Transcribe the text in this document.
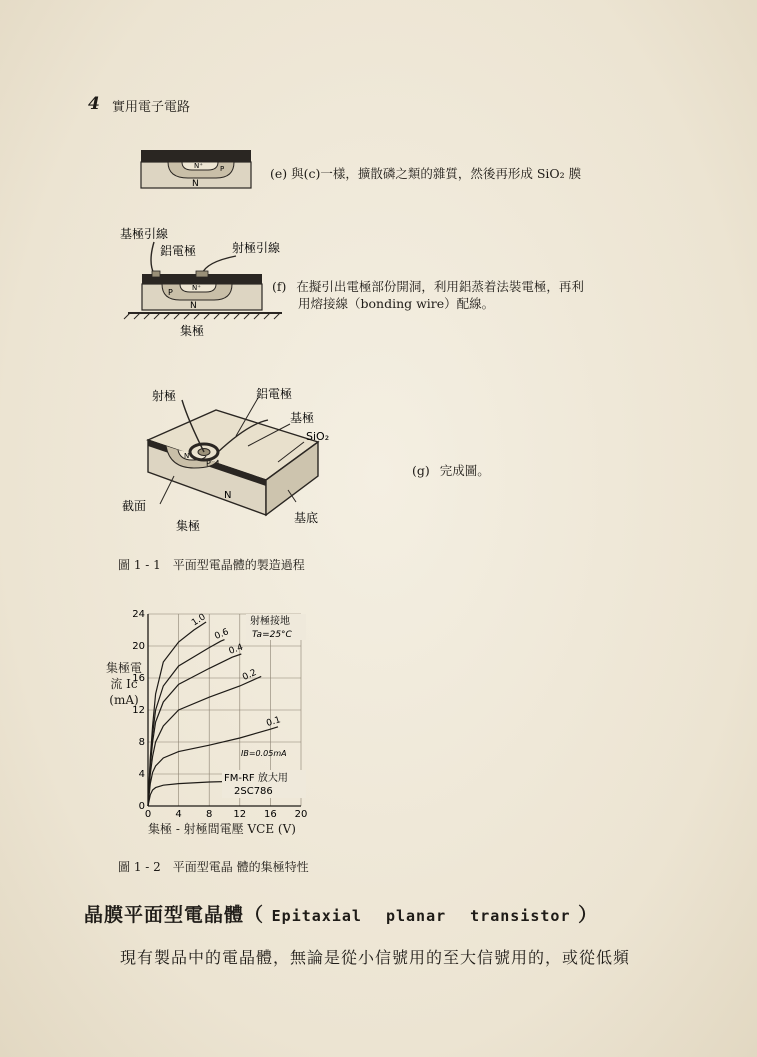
4 實用電子電路
N⁺ P
N
(e) 與(c)一樣，擴散磷之類的雜質，然後再形成 SiO₂ 膜
基極引線
鋁電極	射極引線
N⁺
P
N
集極
(f) 在擬引出電極部份開洞，利用鋁蒸着法裝電極，再利
用熔接線（bonding wire）配線。
N⁺
P
N
射極	鋁電極
基極
SiO₂
截面
集極
基底
(g) 完成圖。
圖 1 - 1　平面型電晶體的製造過程
0 4 8 12 16 20
0
4
8
12
16
20
24	1.0
0.6
0.4
0.2
0.1
射極接地
Ta=25°C
IB=0.05mA
FM-RF 放大用
2SC786
集極電流 Ic (mA)
集極 - 射極間電壓 VCE (V)
圖 1 - 2　平面型電晶 體的集極特性
晶膜平面型電晶體（ Epitaxial planar transistor ）
現有製品中的電晶體，無論是從小信號用的至大信號用的，或從低頻
